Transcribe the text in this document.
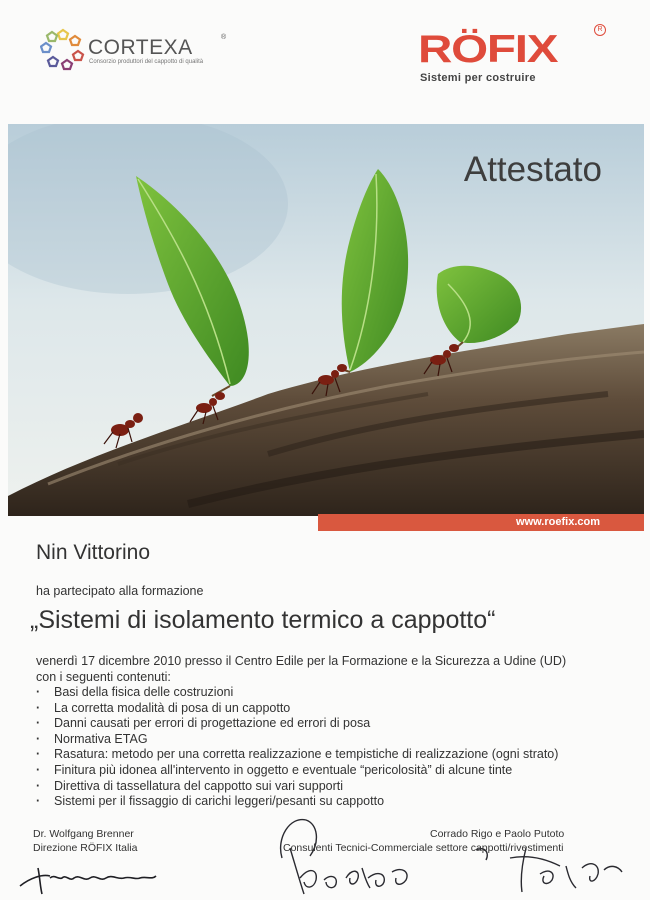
CORTEXA	®
Consorzio produttori del cappotto di qualità	RÖFIX	R
Sistemi per costruire
Attestato
www.roefix.com
Nin Vittorino
ha partecipato alla formazione
„Sistemi di isolamento termico a cappotto“
venerdì 17 dicembre 2010 presso il Centro Edile per la Formazione e la Sicurezza a Udine (UD)
con i seguenti contenuti:
· Basi della fisica delle costruzioni
· La corretta modalità di posa di un cappotto
· Danni causati per errori di progettazione ed errori di posa
· Normativa ETAG
· Rasatura: metodo per una corretta realizzazione e tempistiche di realizzazione (ogni strato)
· Finitura più idonea all'intervento in oggetto e eventuale “pericolosità” di alcune tinte
· Direttiva di tassellatura del cappotto sui vari supporti
· Sistemi per il fissaggio di carichi leggeri/pesanti su cappotto
Dr. Wolfgang Brenner
Direzione RÖFIX Italia
Corrado Rigo e Paolo Putoto
Consulenti Tecnici-Commerciale settore cappotti/rivestimenti
